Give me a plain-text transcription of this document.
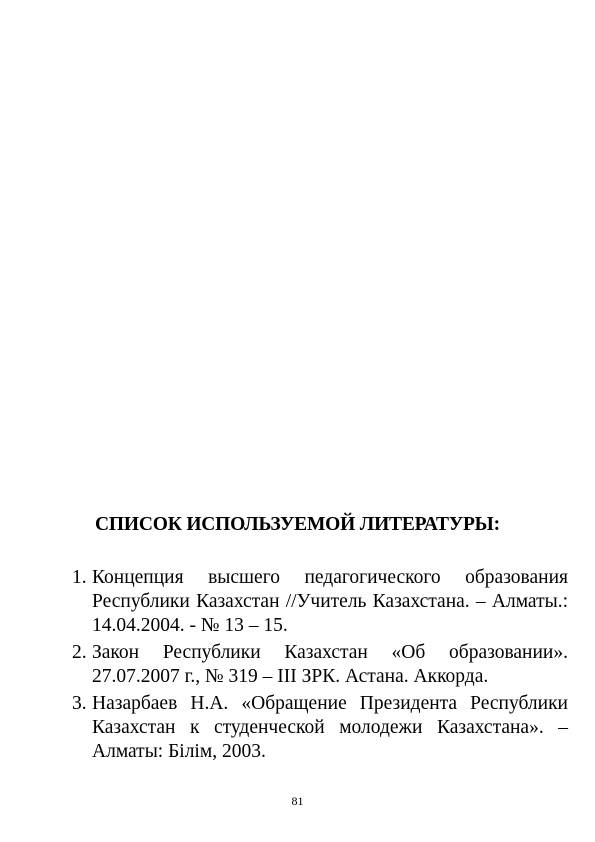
СПИСОК ИСПОЛЬЗУЕМОЙ ЛИТЕРАТУРЫ:
1. Концепция высшего педагогического образования Республики Казахстан //Учитель Казахстана. – Алматы.: 14.04.2004. - № 13 – 15.
2. Закон Республики Казахстан «Об образовании». 27.07.2007 г., № 319 – III ЗРК. Астана. Аккорда.
3. Назарбаев Н.А. «Обращение Президента Республики Казахстан к студенческой молодежи Казахстана». – Алматы: Білім, 2003.
81
